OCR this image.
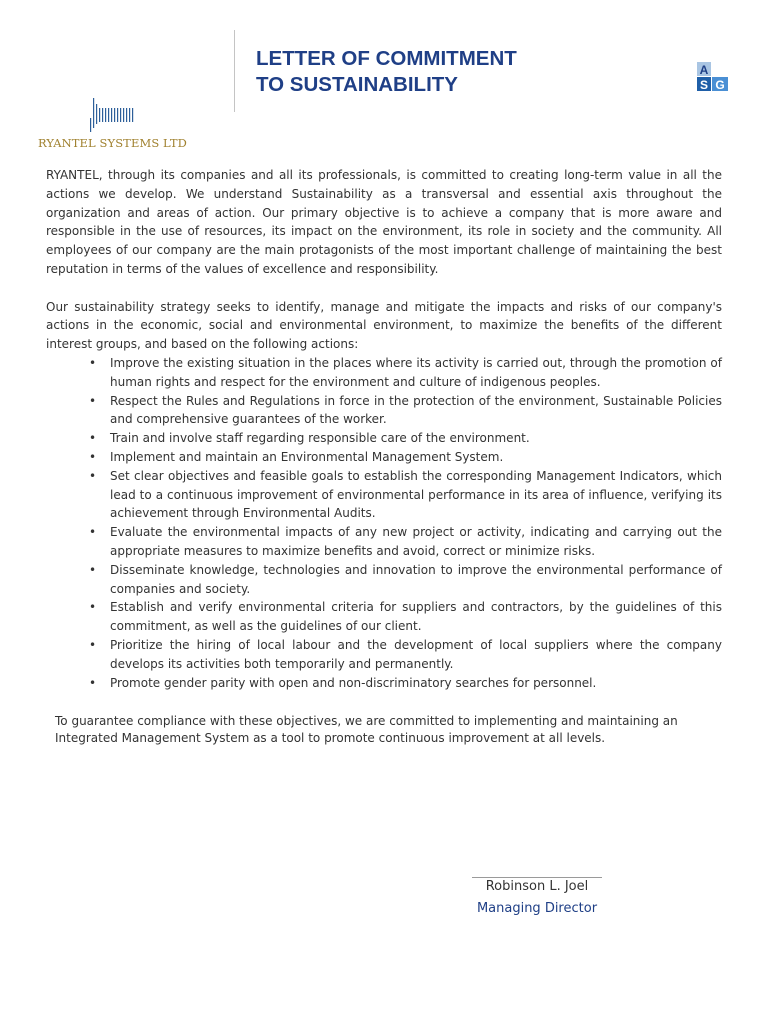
RYANTEL SYSTEMS LTD
LETTER OF COMMITMENT
TO SUSTAINABILITY
A
S G

RYANTEL, through its companies and all its professionals, is committed to creating long-term value in all the actions we develop. We understand Sustainability as a transversal and essential axis throughout the organization and areas of action. Our primary objective is to achieve a company that is more aware and responsible in the use of resources, its impact on the environment, its role in society and the community. All employees of our company are the main protagonists of the most important challenge of maintaining the best reputation in terms of the values of excellence and responsibility.

Our sustainability strategy seeks to identify, manage and mitigate the impacts and risks of our company's actions in the economic, social and environmental environment, to maximize the benefits of the different interest groups, and based on the following actions:

• Improve the existing situation in the places where its activity is carried out, through the promotion of human rights and respect for the environment and culture of indigenous peoples.
• Respect the Rules and Regulations in force in the protection of the environment, Sustainable Policies and comprehensive guarantees of the worker.
• Train and involve staff regarding responsible care of the environment.
• Implement and maintain an Environmental Management System.
• Set clear objectives and feasible goals to establish the corresponding Management Indicators, which lead to a continuous improvement of environmental performance in its area of influence, verifying its achievement through Environmental Audits.
• Evaluate the environmental impacts of any new project or activity, indicating and carrying out the appropriate measures to maximize benefits and avoid, correct or minimize risks.
• Disseminate knowledge, technologies and innovation to improve the environmental performance of companies and society.
• Establish and verify environmental criteria for suppliers and contractors, by the guidelines of this commitment, as well as the guidelines of our client.
• Prioritize the hiring of local labour and the development of local suppliers where the company develops its activities both temporarily and permanently.
• Promote gender parity with open and non-discriminatory searches for personnel.

To guarantee compliance with these objectives, we are committed to implementing and maintaining an Integrated Management System as a tool to promote continuous improvement at all levels.

Robinson L. Joel
Managing Director
